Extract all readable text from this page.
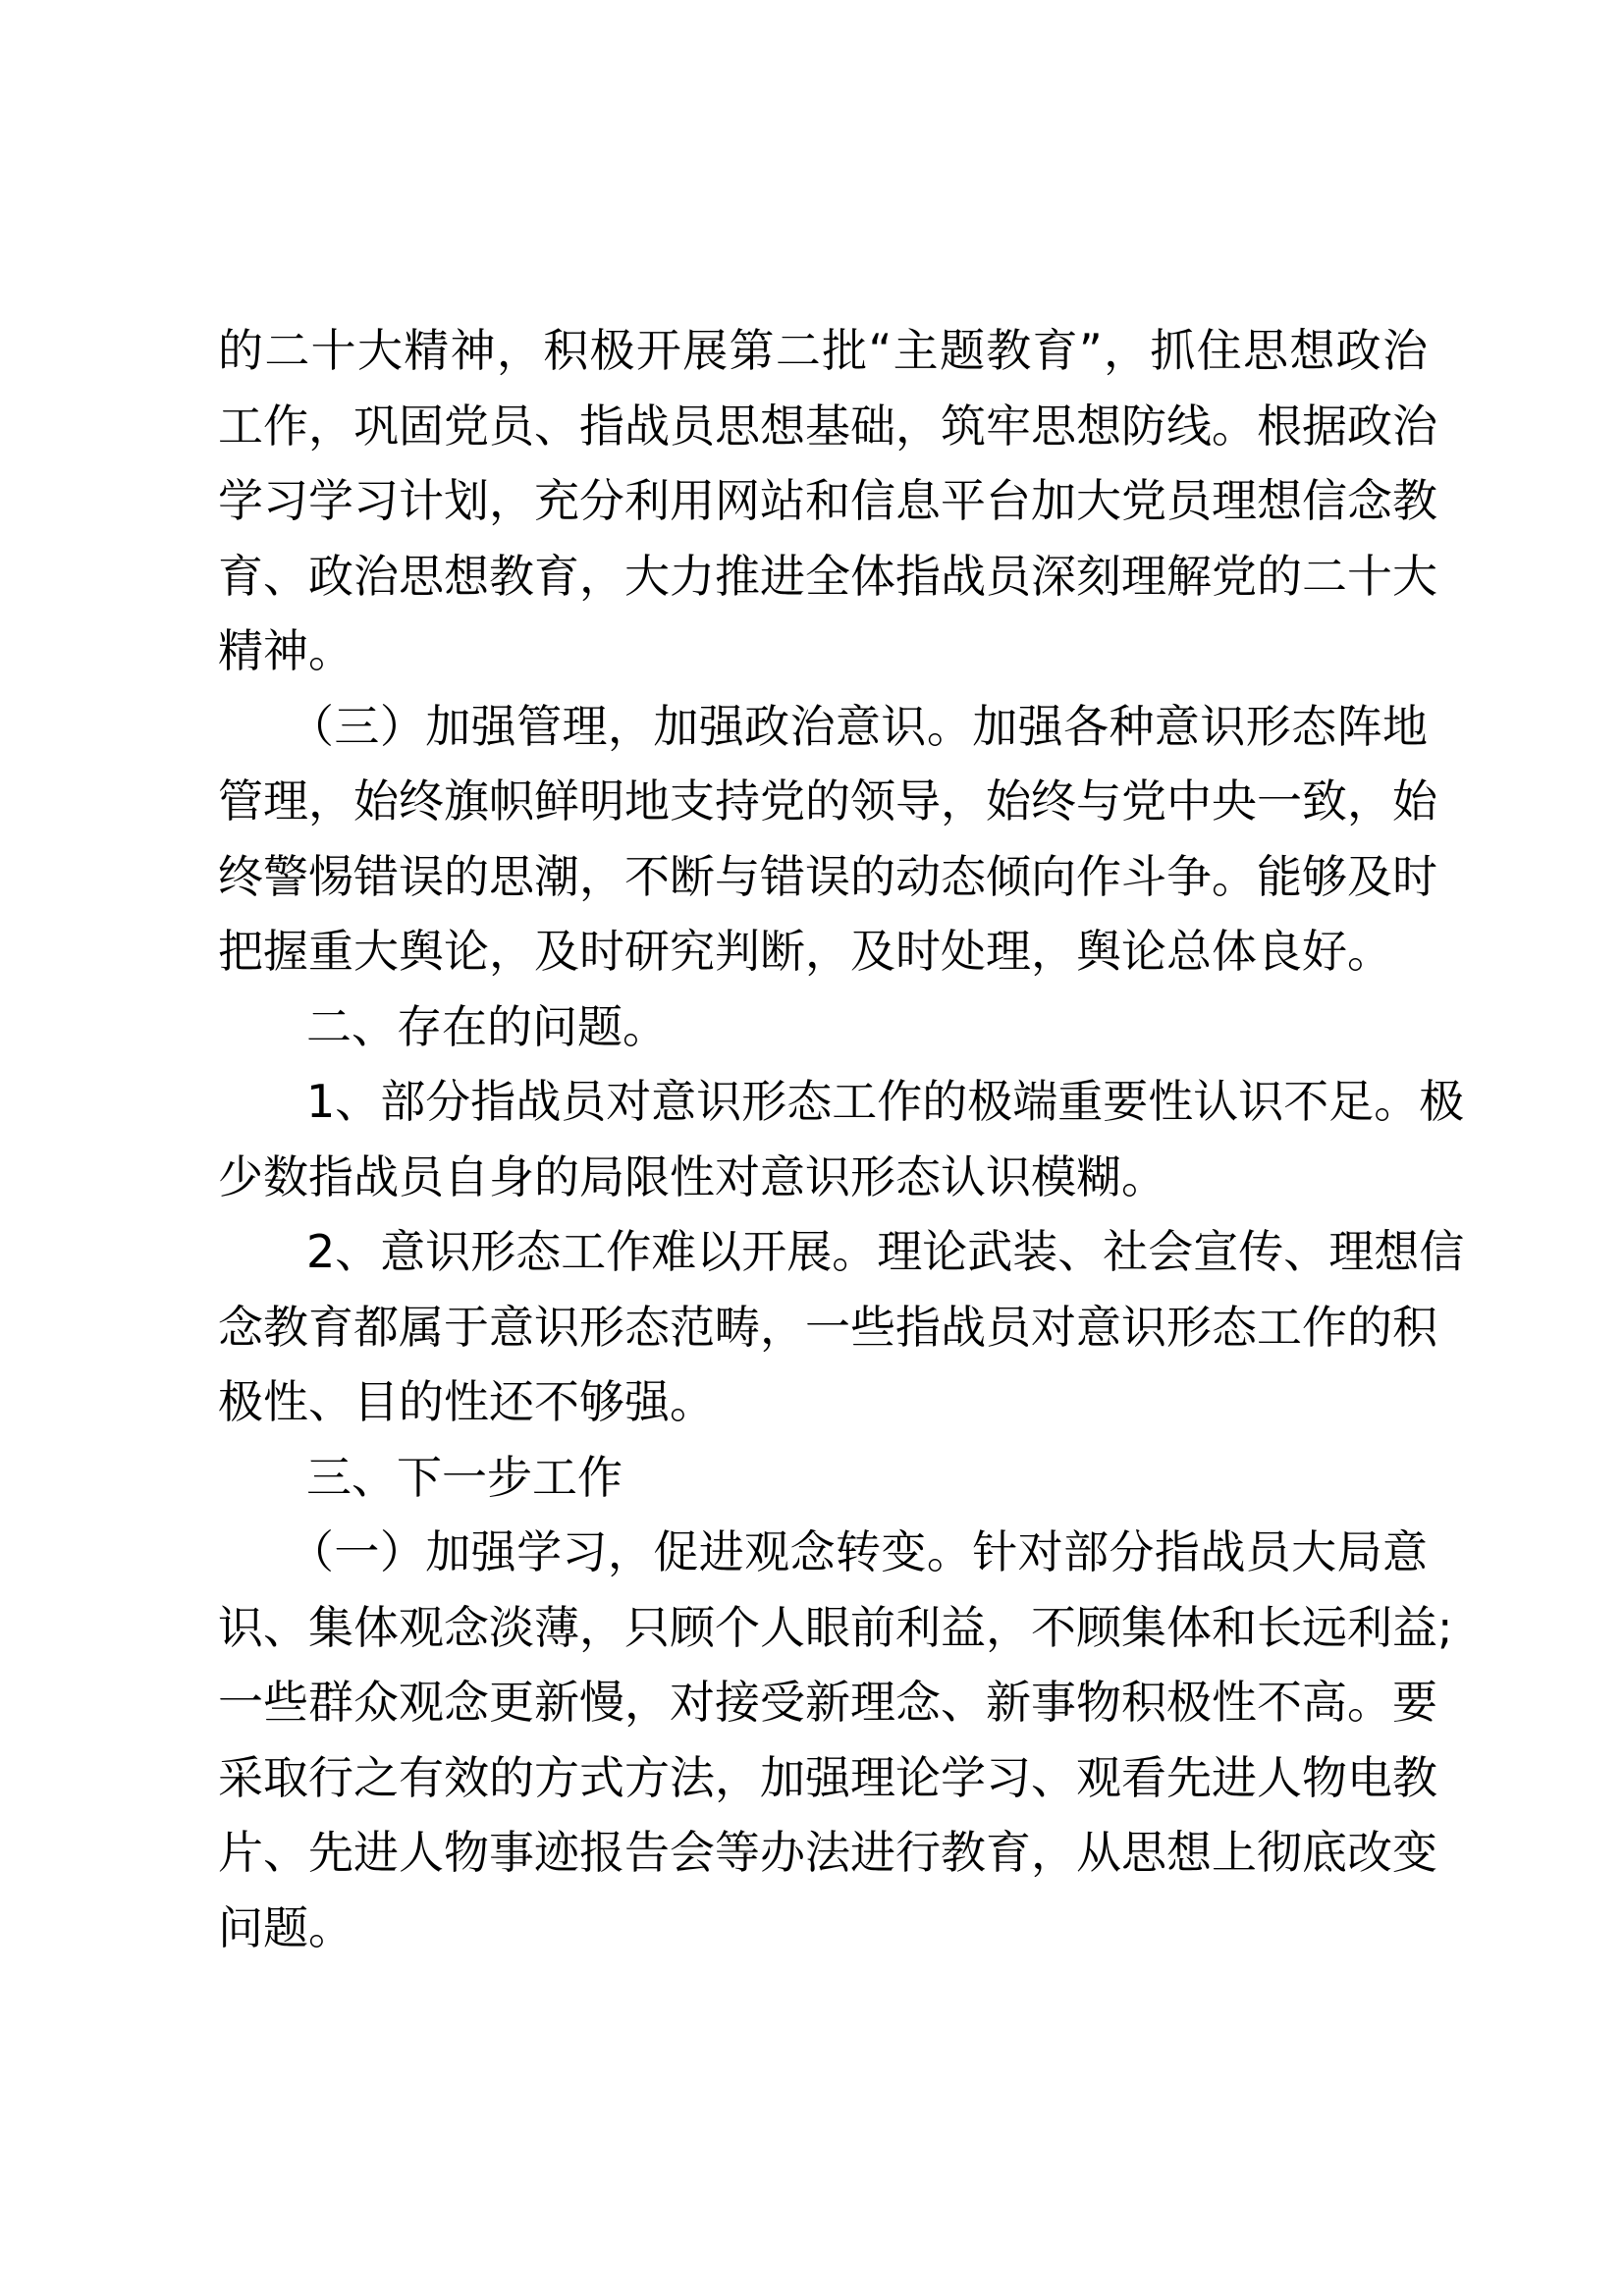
的二十大精神，积极开展第二批“主题教育”，抓住思想政治
工作，巩固党员、指战员思想基础，筑牢思想防线。根据政治
学习学习计划，充分利用网站和信息平台加大党员理想信念教
育、政治思想教育，大力推进全体指战员深刻理解党的二十大
精神。
（三）加强管理，加强政治意识。加强各种意识形态阵地
管理，始终旗帜鲜明地支持党的领导，始终与党中央一致，始
终警惕错误的思潮，不断与错误的动态倾向作斗争。能够及时
把握重大舆论，及时研究判断，及时处理，舆论总体良好。
二、存在的问题。
1、部分指战员对意识形态工作的极端重要性认识不足。极
少数指战员自身的局限性对意识形态认识模糊。
2、意识形态工作难以开展。理论武装、社会宣传、理想信
念教育都属于意识形态范畴，一些指战员对意识形态工作的积
极性、目的性还不够强。
三、下一步工作
（一）加强学习，促进观念转变。针对部分指战员大局意
识、集体观念淡薄，只顾个人眼前利益，不顾集体和长远利益;
一些群众观念更新慢，对接受新理念、新事物积极性不高。要
采取行之有效的方式方法，加强理论学习、观看先进人物电教
片、先进人物事迹报告会等办法进行教育，从思想上彻底改变
问题。
